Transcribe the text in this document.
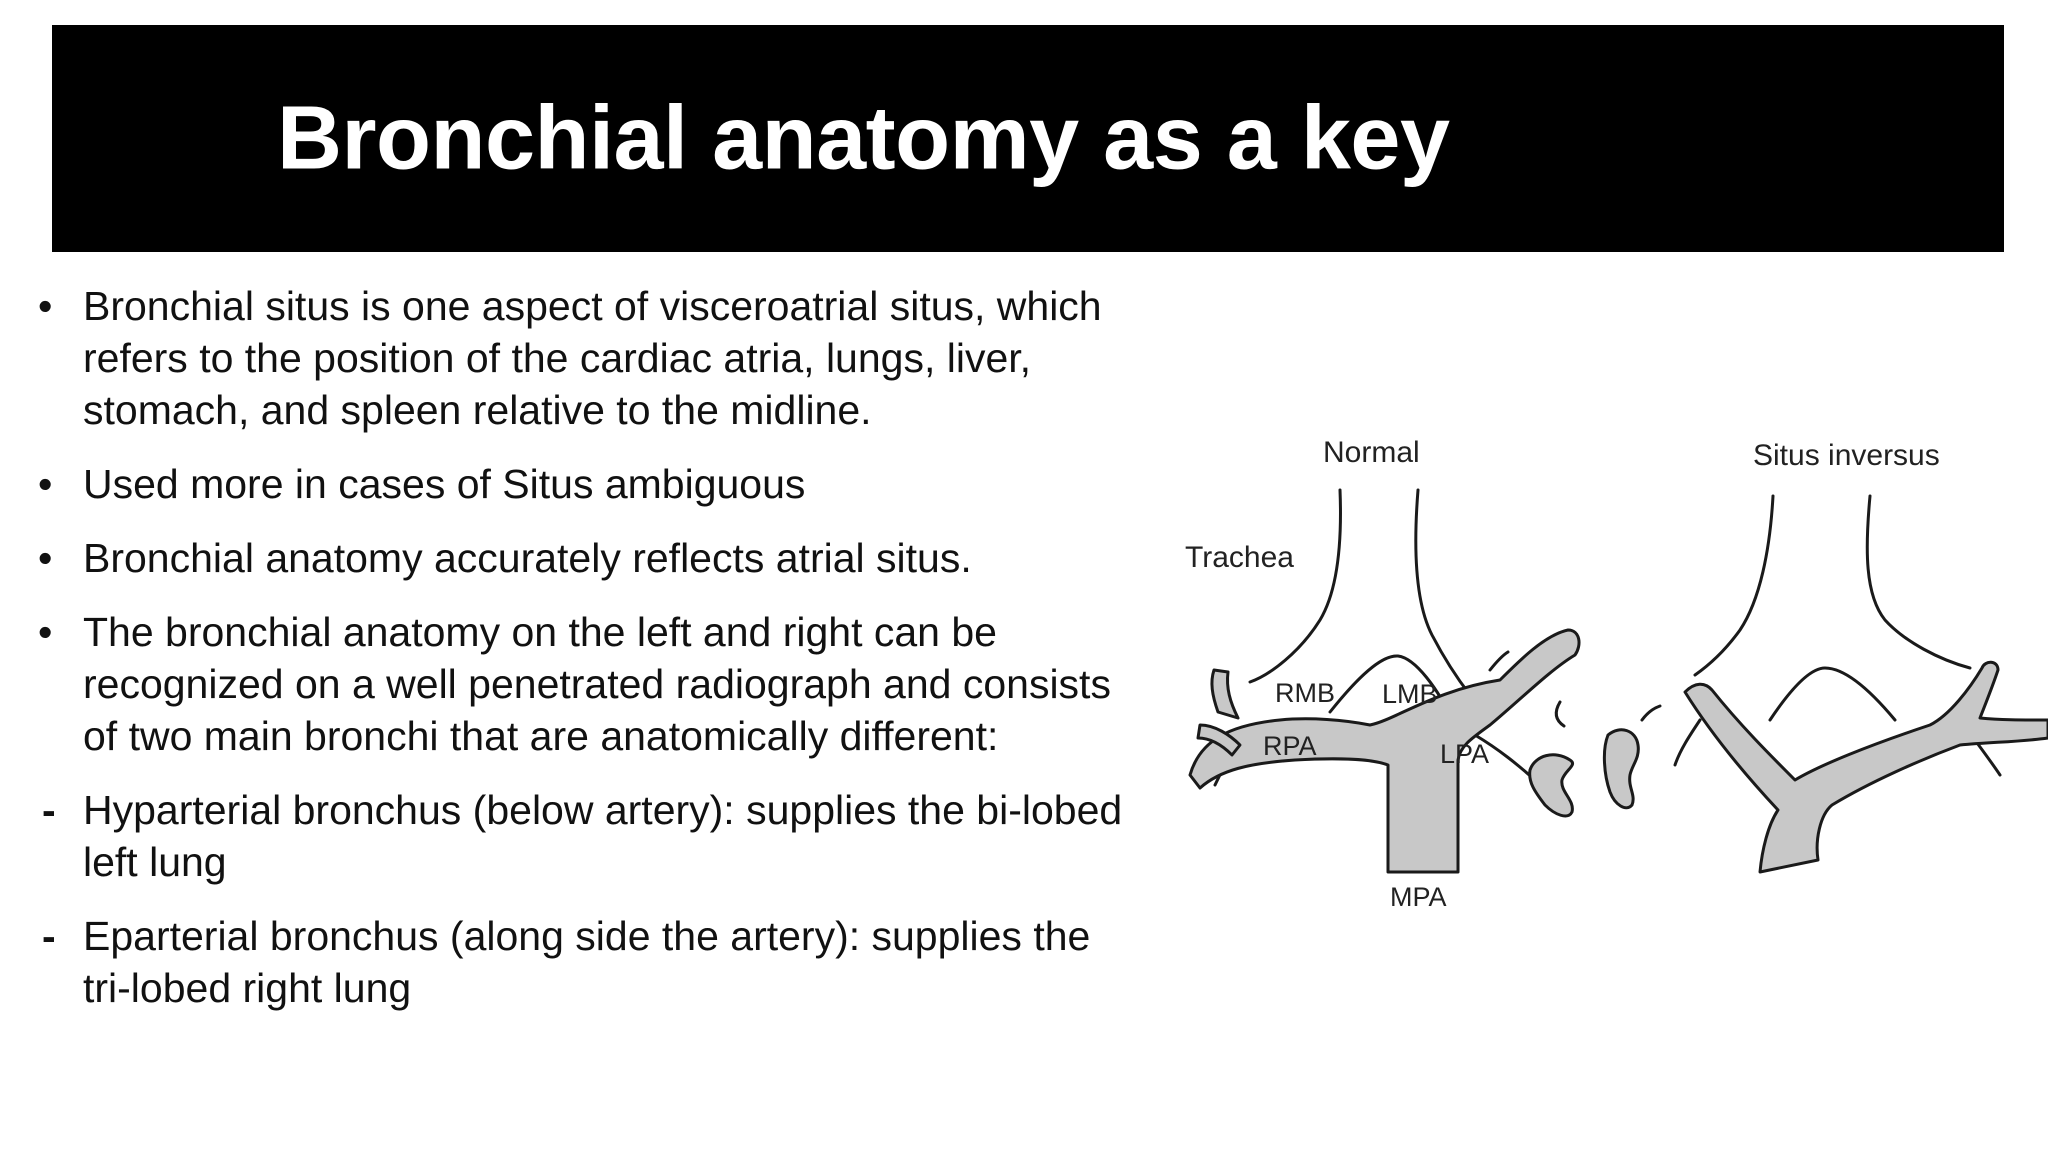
Bronchial anatomy as a key
• Bronchial situs is one aspect of visceroatrial situs, which refers to the position of the cardiac atria, lungs, liver, stomach, and spleen relative to the midline.
• Used more in cases of Situs ambiguous
• Bronchial anatomy accurately reflects atrial situs.
• The bronchial anatomy on the left and right can be recognized on a well penetrated radiograph and consists of two main bronchi that are anatomically different:
- Hyparterial bronchus (below artery): supplies the bi-lobed left lung
- Eparterial bronchus (along side the artery): supplies the tri-lobed right lung
Normal	Situs inversus
Trachea
RMB LMB
RPA	LPA
MPA
